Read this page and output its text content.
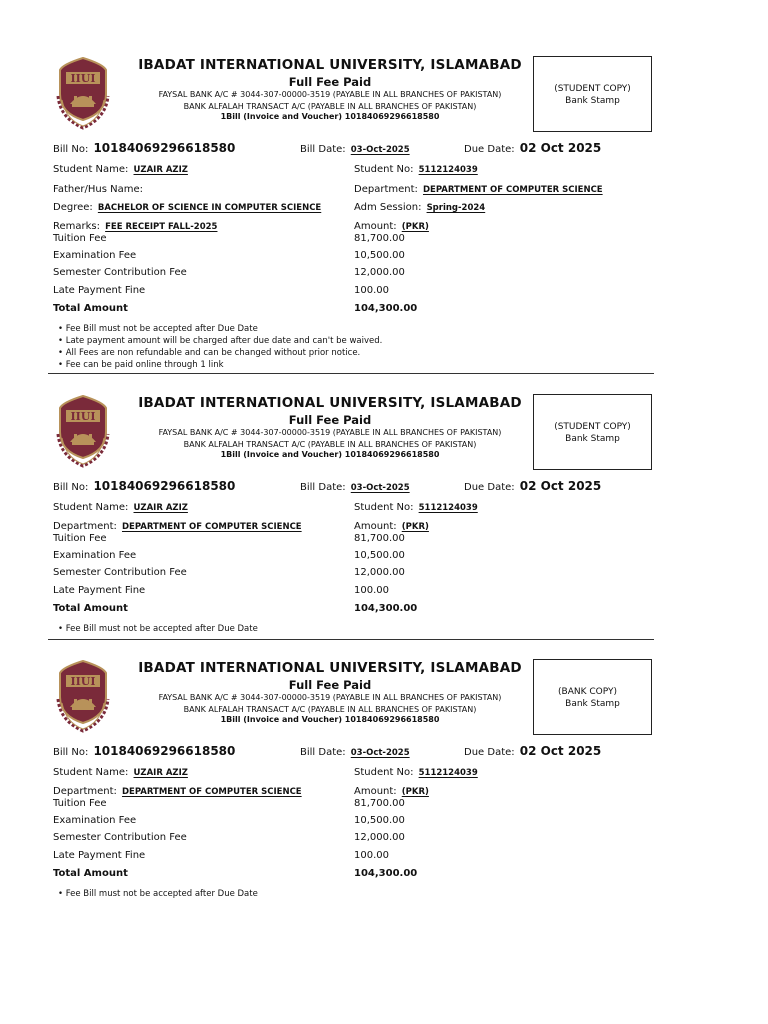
IIUI
IBADAT INTERNATIONAL UNIVERSITY, ISLAMABAD
Full Fee Paid
FAYSAL BANK A/C # 3044-307-00000-3519 (PAYABLE IN ALL BRANCHES OF PAKISTAN)
BANK ALFALAH TRANSACT A/C (PAYABLE IN ALL BRANCHES OF PAKISTAN)
1Bill (Invoice and Voucher) 10184069296618580
(STUDENT COPY)
Bank Stamp
Bill No: 10184069296618580	Bill Date: 03-Oct-2025	Due Date: 02 Oct 2025
Student Name: UZAIR AZIZ	Student No: 5112124039
Father/Hus Name:	Department: DEPARTMENT OF COMPUTER SCIENCE
Degree: BACHELOR OF SCIENCE IN COMPUTER SCIENCE	Adm Session: Spring-2024
Remarks: FEE RECEIPT FALL-2025	Amount: (PKR)
Tuition Fee	81,700.00
Examination Fee	10,500.00
Semester Contribution Fee	12,000.00
Late Payment Fine	100.00
Total Amount	104,300.00
• Fee Bill must not be accepted after Due Date
• Late payment amount will be charged after due date and can't be waived.
• All Fees are non refundable and can be changed without prior notice.
• Fee can be paid online through 1 link
IIUI
IBADAT INTERNATIONAL UNIVERSITY, ISLAMABAD
Full Fee Paid
FAYSAL BANK A/C # 3044-307-00000-3519 (PAYABLE IN ALL BRANCHES OF PAKISTAN)
BANK ALFALAH TRANSACT A/C (PAYABLE IN ALL BRANCHES OF PAKISTAN)
1Bill (Invoice and Voucher) 10184069296618580
(STUDENT COPY)
Bank Stamp
Bill No: 10184069296618580	Bill Date: 03-Oct-2025	Due Date: 02 Oct 2025
Student Name: UZAIR AZIZ	Student No: 5112124039
Department: DEPARTMENT OF COMPUTER SCIENCE	Amount: (PKR)
Tuition Fee	81,700.00
Examination Fee	10,500.00
Semester Contribution Fee	12,000.00
Late Payment Fine	100.00
Total Amount	104,300.00
• Fee Bill must not be accepted after Due Date
IIUI
IBADAT INTERNATIONAL UNIVERSITY, ISLAMABAD
Full Fee Paid
FAYSAL BANK A/C # 3044-307-00000-3519 (PAYABLE IN ALL BRANCHES OF PAKISTAN)
BANK ALFALAH TRANSACT A/C (PAYABLE IN ALL BRANCHES OF PAKISTAN)
1Bill (Invoice and Voucher) 10184069296618580
(BANK COPY)
Bank Stamp
Bill No: 10184069296618580	Bill Date: 03-Oct-2025	Due Date: 02 Oct 2025
Student Name: UZAIR AZIZ	Student No: 5112124039
Department: DEPARTMENT OF COMPUTER SCIENCE	Amount: (PKR)
Tuition Fee	81,700.00
Examination Fee	10,500.00
Semester Contribution Fee	12,000.00
Late Payment Fine	100.00
Total Amount	104,300.00
• Fee Bill must not be accepted after Due Date
